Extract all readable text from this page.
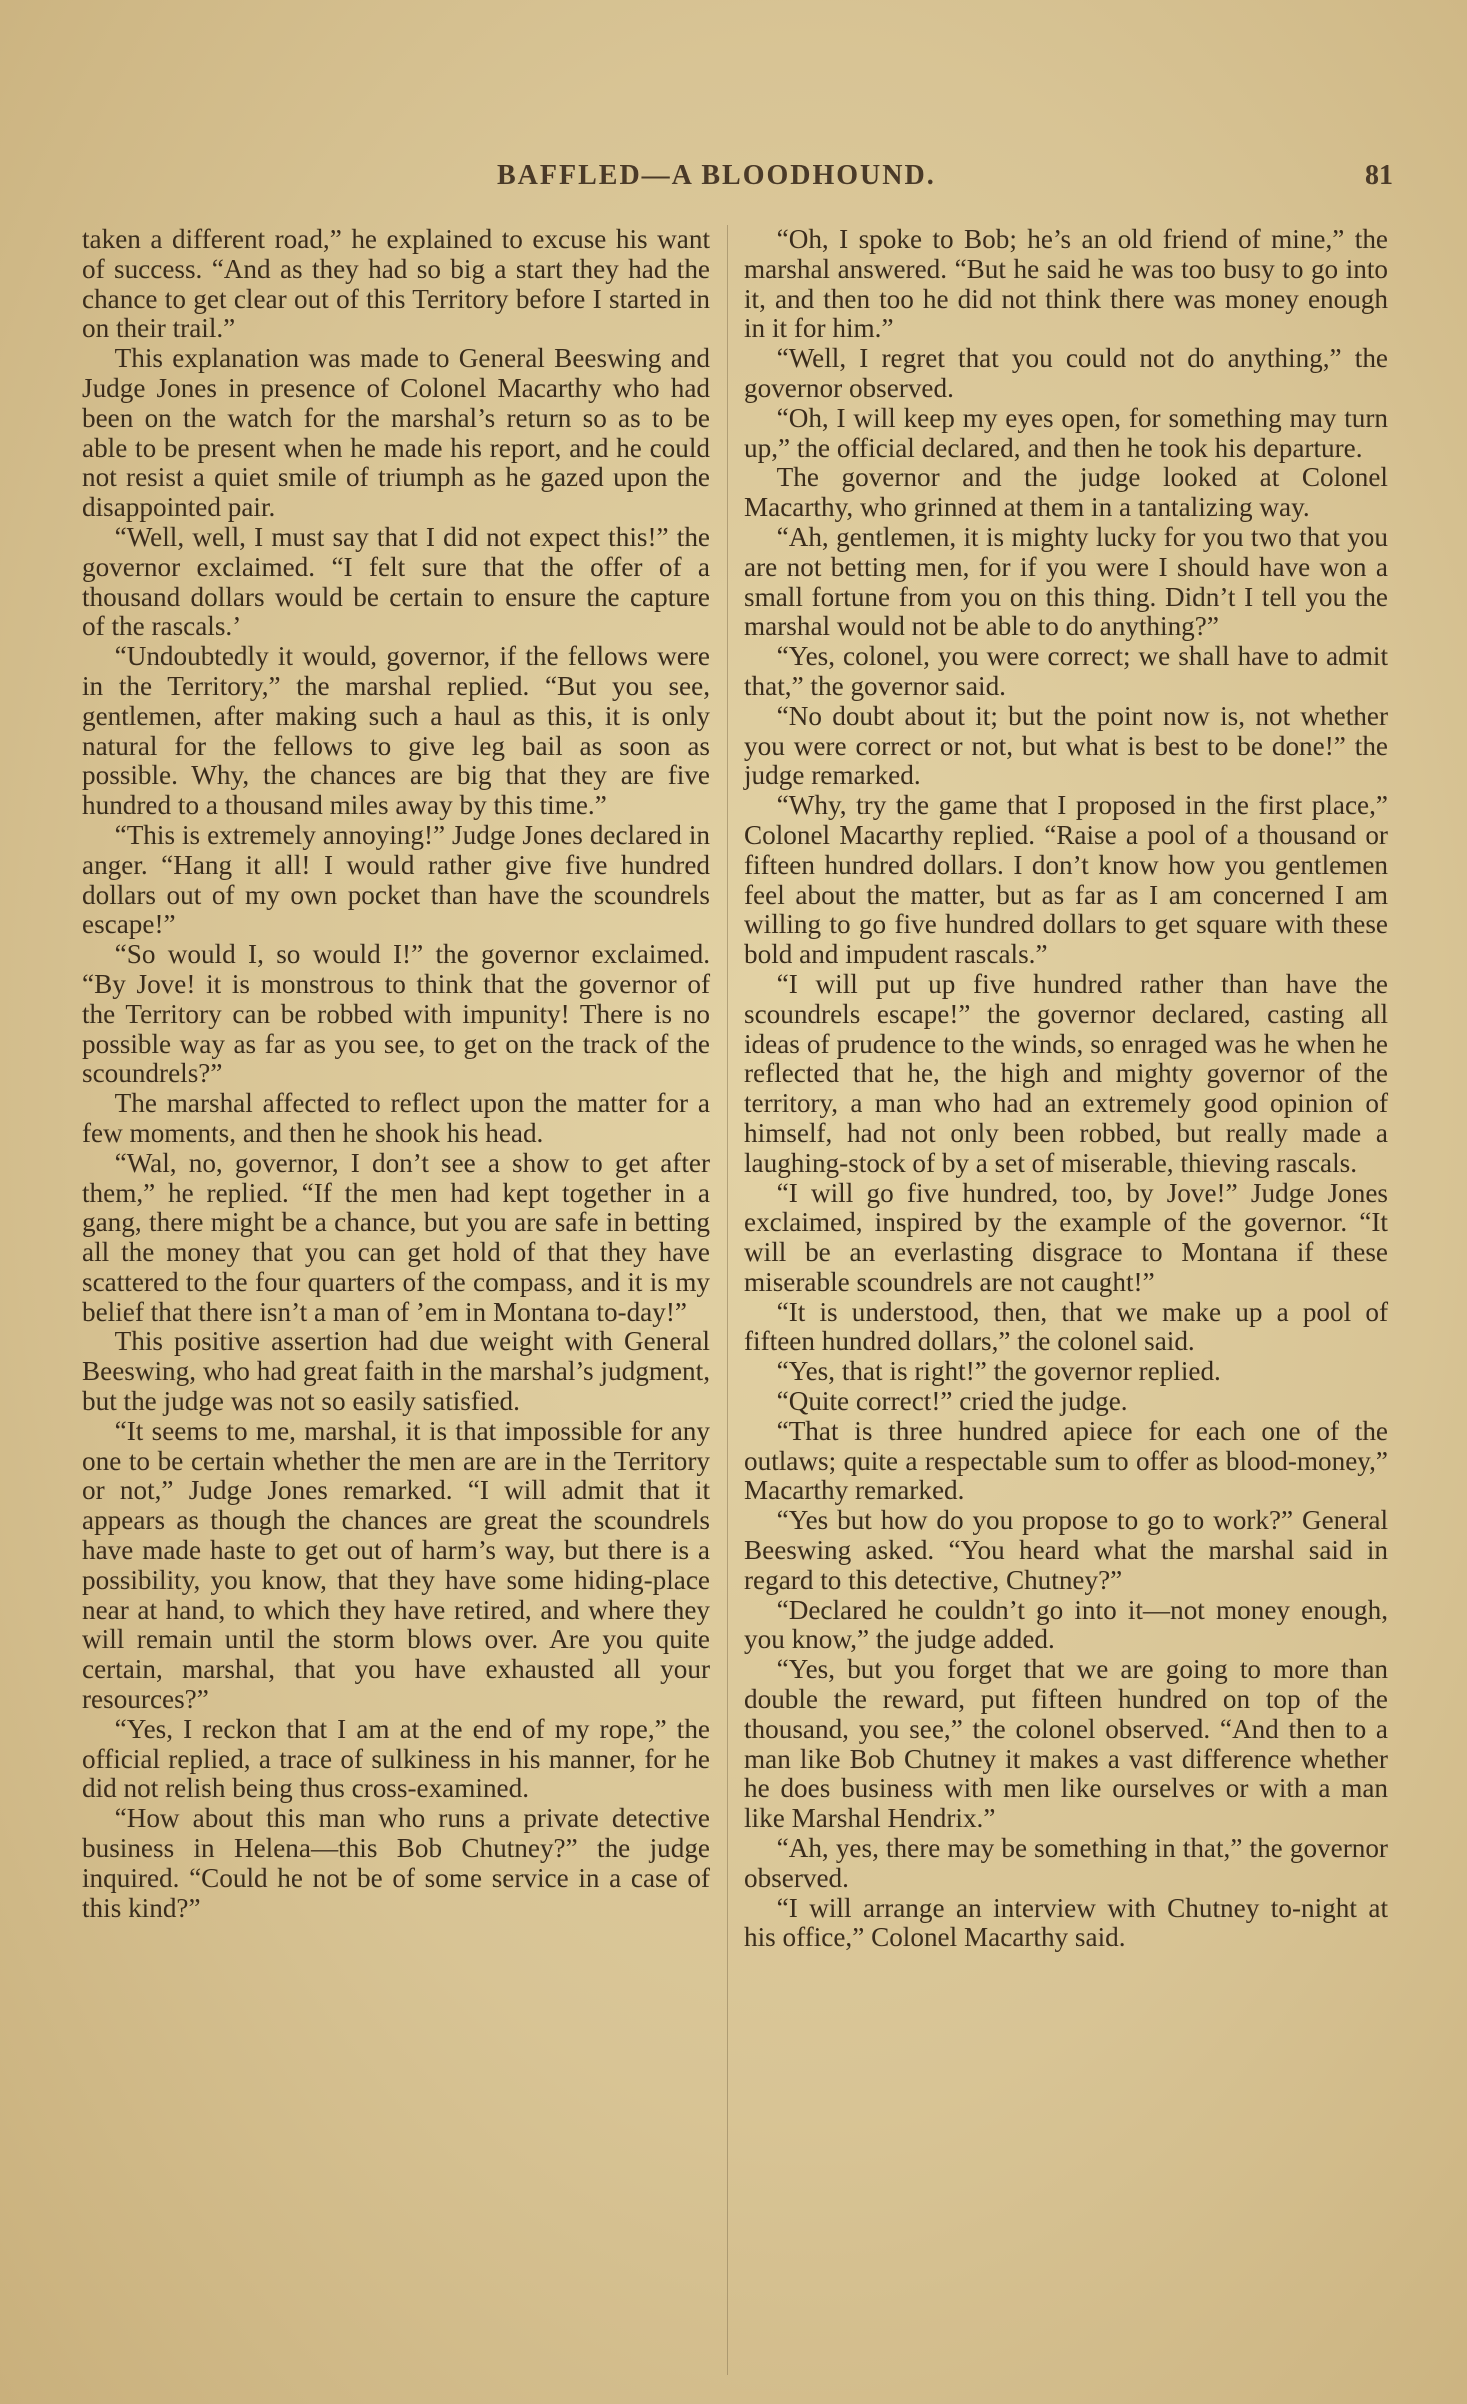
BAFFLED—A BLOODHOUND.	81

taken a different road,” he explained to excuse his want of success. “And as they had so big a start they had the chance to get clear out of this Territory before I started in on their trail.”

This explanation was made to General Beeswing and Judge Jones in presence of Colonel Macarthy who had been on the watch for the marshal’s return so as to be able to be present when he made his report, and he could not resist a quiet smile of triumph as he gazed upon the disappointed pair.

“Well, well, I must say that I did not expect this!” the governor exclaimed. “I felt sure that the offer of a thousand dollars would be certain to ensure the capture of the rascals.’

“Undoubtedly it would, governor, if the fellows were in the Territory,” the marshal replied. “But you see, gentlemen, after making such a haul as this, it is only natural for the fellows to give leg bail as soon as possible. Why, the chances are big that they are five hundred to a thousand miles away by this time.”

“This is extremely annoying!” Judge Jones declared in anger. “Hang it all! I would rather give five hundred dollars out of my own pocket than have the scoundrels escape!”

“So would I, so would I!” the governor exclaimed. “By Jove! it is monstrous to think that the governor of the Territory can be robbed with impunity! There is no possible way as far as you see, to get on the track of the scoundrels?”

The marshal affected to reflect upon the matter for a few moments, and then he shook his head.

“Wal, no, governor, I don’t see a show to get after them,” he replied. “If the men had kept together in a gang, there might be a chance, but you are safe in betting all the money that you can get hold of that they have scattered to the four quarters of the compass, and it is my belief that there isn’t a man of ’em in Montana to-day!”

This positive assertion had due weight with General Beeswing, who had great faith in the marshal’s judgment, but the judge was not so easily satisfied.

“It seems to me, marshal, it is that impossible for any one to be certain whether the men are are in the Territory or not,” Judge Jones remarked. “I will admit that it appears as though the chances are great the scoundrels have made haste to get out of harm’s way, but there is a possibility, you know, that they have some hiding-place near at hand, to which they have retired, and where they will remain until the storm blows over. Are you quite certain, marshal, that you have exhausted all your resources?”

“Yes, I reckon that I am at the end of my rope,” the official replied, a trace of sulkiness in his manner, for he did not relish being thus cross-examined.

“How about this man who runs a private detective business in Helena—this Bob Chutney?” the judge inquired. “Could he not be of some service in a case of this kind?”

“Oh, I spoke to Bob; he’s an old friend of mine,” the marshal answered. “But he said he was too busy to go into it, and then too he did not think there was money enough in it for him.”

“Well, I regret that you could not do anything,” the governor observed.

“Oh, I will keep my eyes open, for something may turn up,” the official declared, and then he took his departure.

The governor and the judge looked at Colonel Macarthy, who grinned at them in a tantalizing way.

“Ah, gentlemen, it is mighty lucky for you two that you are not betting men, for if you were I should have won a small fortune from you on this thing. Didn’t I tell you the marshal would not be able to do anything?”

“Yes, colonel, you were correct; we shall have to admit that,” the governor said.

“No doubt about it; but the point now is, not whether you were correct or not, but what is best to be done!” the judge remarked.

“Why, try the game that I proposed in the first place,” Colonel Macarthy replied. “Raise a pool of a thousand or fifteen hundred dollars. I don’t know how you gentlemen feel about the matter, but as far as I am concerned I am willing to go five hundred dollars to get square with these bold and impudent rascals.”

“I will put up five hundred rather than have the scoundrels escape!” the governor declared, casting all ideas of prudence to the winds, so enraged was he when he reflected that he, the high and mighty governor of the territory, a man who had an extremely good opinion of himself, had not only been robbed, but really made a laughing-stock of by a set of miserable, thieving rascals.

“I will go five hundred, too, by Jove!” Judge Jones exclaimed, inspired by the example of the governor. “It will be an everlasting disgrace to Montana if these miserable scoundrels are not caught!”

“It is understood, then, that we make up a pool of fifteen hundred dollars,” the colonel said.

“Yes, that is right!” the governor replied.

“Quite correct!” cried the judge.

“That is three hundred apiece for each one of the outlaws; quite a respectable sum to offer as blood-money,” Macarthy remarked.

“Yes but how do you propose to go to work?” General Beeswing asked. “You heard what the marshal said in regard to this detective, Chutney?”

“Declared he couldn’t go into it—not money enough, you know,” the judge added.

“Yes, but you forget that we are going to more than double the reward, put fifteen hundred on top of the thousand, you see,” the colonel observed. “And then to a man like Bob Chutney it makes a vast difference whether he does business with men like ourselves or with a man like Marshal Hendrix.”

“Ah, yes, there may be something in that,” the governor observed.

“I will arrange an interview with Chutney to-night at his office,” Colonel Macarthy said.
